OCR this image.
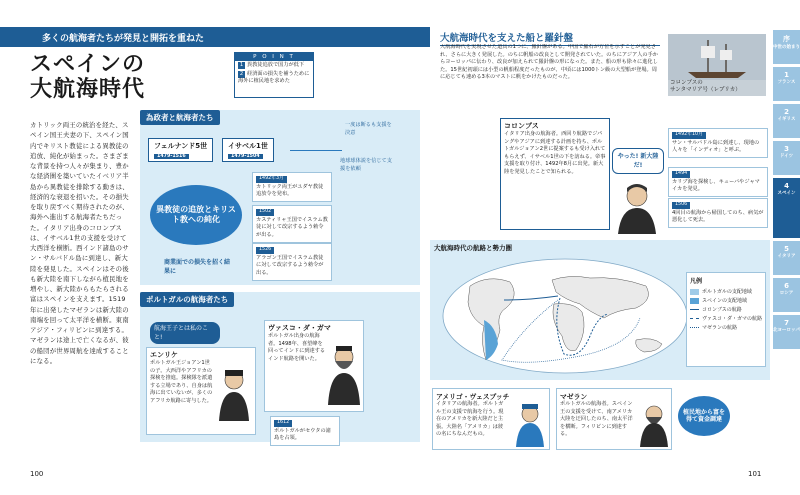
多くの航海者たちが発見と開拓を重ねた
スペインの
大航海時代
P O I N T
1 異教徒追放で国力が低下
2 経済面の損失を補うために海外に植民地を求めた
カトリック両王の統治を経た、スペイン国王夫妻の下、スペイン国内でキリスト教徒による異教徒の追放、純化が始まった。さまざまな背景を持つ人々が集まり、豊かな経済圏を築いていたイベリア半島から異教徒を排除する動きは、経済的な衰退を招いた。その損失を取り戻すべく期待されたのが、海外へ進出する航海者たちだった。イタリア出身のコロンブスは、イサベル1世の支援を受けて大西洋を横断。西インド諸島のサン・サルバドル島に到達し、新大陸を発見した。スペインはその後も新大陸を南下しながら植民地を増やし、新大陸からもたらされる富はスペインを支えます。1519年に出発したマゼランは新大陸の南端を回って太平洋を横断。東南アジア・フィリピンに到達する。マゼランは途上で亡くなるが、彼の船団が世界周航を達成することになる。
100
為政者と航海者たち
フェルナンド5世
1479-1516
イサベル1世
1479-1504
一度は断るも支援を決意
地球球体説を信じて支援を依頼
異教徒の追放とキリスト教への純化
商業面での損失を招く結果に
1492年3月
カトリック両王がユダヤ教徒追放令を発布。
1502
カスティリャ王国でイスラム教徒に対して改宗するよう勅令が出る。
1526
アラゴン王国でイスラム教徒に対して改宗するよう勅令が出る。
ポルトガルの航海者たち
航海王子とは私のこと!
エンリケ
ポルトガル王ジョアン1世の子。大西洋やアフリカの探検を推進。探検隊を派遣する立場であり、自身は航海に出ていないが、多くのアフリカ航路に寄与した。
ヴァスコ・ダ・ガマ
ポルトガル出身の航海者。1498年、喜望峰を回ってインドに到達するインド航路を開いた。
1612
ポルトガルがセウタの諸島を占領。
コロンブス
イタリア出身の航海者。西回り航路でジパングやアジアに到達する計画を持ち、ポルトガルジョアン2世に提案するも受け入れてもらえず、イサベル1世の下を訪ねる。帝事支援を取り付け、1492年8月に出発。新大陸を発見したことで知られる。
大航海時代を支えた船と羅針盤
大航海時代を実現させた道具の1つに、羅針盤がある。中国で羅石が方位を示すことが発見され、さらに大きく発展した。のちに帆船の改良として開発されていた。のちにアジア人の手からヨーロッパに伝わり、改良が加えられて羅針盤の形になった。また、船の形も徐々に進化した。15世紀初頭には小型の帆船程度だったものが、中頃には1000トン級の大型船が登場。周に応じても速める3本のマストに帆をかけたものだった。
コロンブスの
サンタマリア号（レプリカ）
やった! 新大陸だ!
1492年10月
サン・サルバドル島に到達し、現地の人々を「インディオ」と呼ぶ。
1494
カリブ海を探検し、キューバやジャマイカを発見。
1506
4回目の航海から帰国してのち、病気が悪化して死去。
大航海時代の航路と勢力圏
凡例
ポルトガルの支配地域
スペインの支配地域
コロンブスの航路
ヴァスコ・ダ・ガマの航路
マゼランの航路
アメリゴ・ヴェスプッチ
イタリアの航海者。ポルトガル王の支援で航海を行う。現在のアメリカを新大陸だと主張。大陸名「アメリカ」は彼の名にちなんだもの。
マゼラン
ポルトガルの航海者。スペイン王の支援を受けて、南アメリカ大陸を迂回したのち、南太平洋を横断。フィリピンに到達する。
植民地から富を得て資金調達
序
中世の始まり
1
フランス
2
イギリス
3
ドイツ
4
スペイン
5
イタリア
6
ロシア
7
北ヨーロッパ
101
